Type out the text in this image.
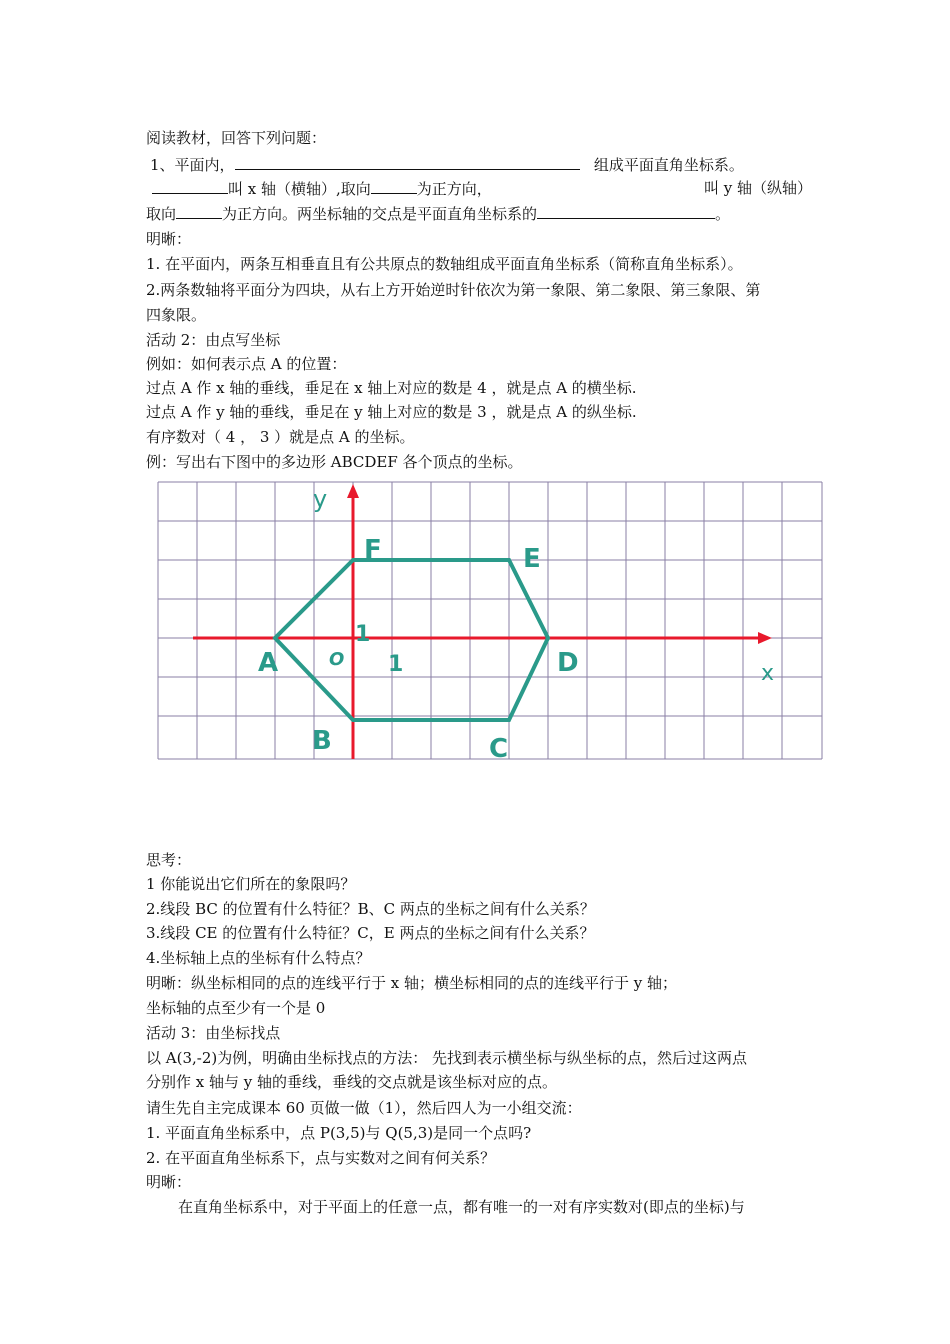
阅读教材，回答下列问题：
1、平面内，	组成平面直角坐标系。
叫 x 轴（横轴）,取向	为正方向，	叫 y 轴（纵轴）
取向	为正方向。两坐标轴的交点是平面直角坐标系的	。
明晰：
1. 在平面内，两条互相垂直且有公共原点的数轴组成平面直角坐标系（简称直角坐标系）。
2.两条数轴将平面分为四块，从右上方开始逆时针依次为第一象限、第二象限、第三象限、第
四象限。
活动 2：由点写坐标
例如：如何表示点 A 的位置：
过点 A 作 x 轴的垂线，垂足在 x 轴上对应的数是 4 ，就是点 A 的横坐标.
过点 A 作 y 轴的垂线，垂足在 y 轴上对应的数是 3 ，就是点 A 的纵坐标.
有序数对（ 4 ， 3 ）就是点 A 的坐标。
例：写出右下图中的多边形 ABCDEF 各个顶点的坐标。
y
x
O
1
1
A
B	C
D
E
F
思考：
1 你能说出它们所在的象限吗？
2.线段 BC 的位置有什么特征？B、C 两点的坐标之间有什么关系？
3.线段 CE 的位置有什么特征？C，E 两点的坐标之间有什么关系？
4.坐标轴上点的坐标有什么特点？
明晰：纵坐标相同的点的连线平行于 x 轴；横坐标相同的点的连线平行于 y 轴；
坐标轴的点至少有一个是 0
活动 3：由坐标找点
以 A(3,-2)为例，明确由坐标找点的方法： 先找到表示横坐标与纵坐标的点，然后过这两点
分别作 x 轴与 y 轴的垂线，垂线的交点就是该坐标对应的点。
请生先自主完成课本 60 页做一做（1），然后四人为一小组交流：
1. 平面直角坐标系中，点 P(3,5)与 Q(5,3)是同一个点吗?
2. 在平面直角坐标系下，点与实数对之间有何关系？
明晰：
在直角坐标系中，对于平面上的任意一点，都有唯一的一对有序实数对(即点的坐标)与
